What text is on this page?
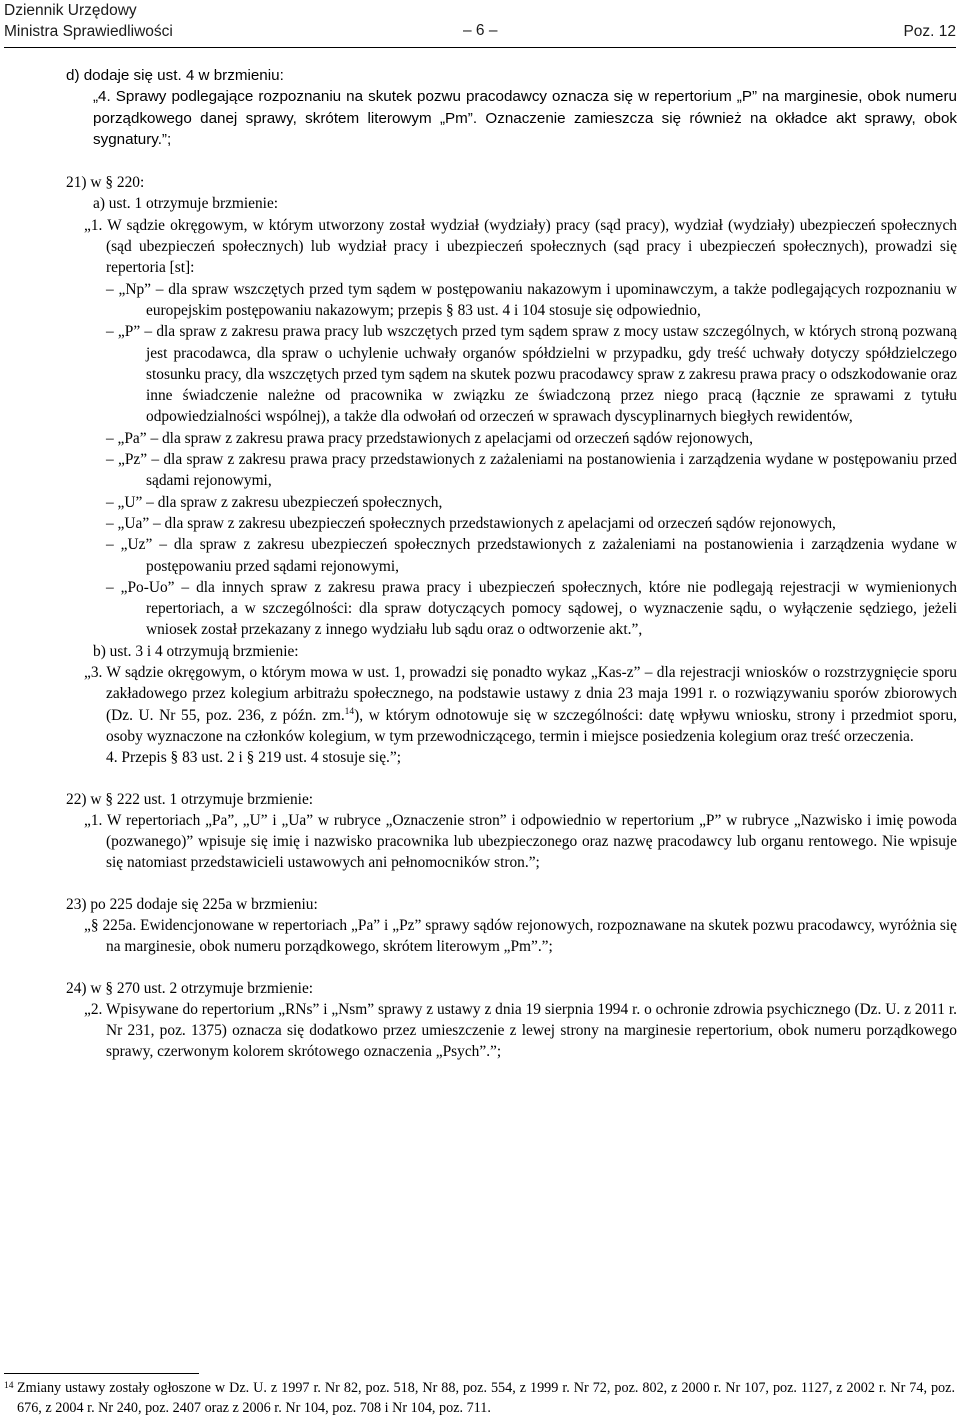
Dziennik Urzędowy
Ministra Sprawiedliwości	– 6 –	Poz. 12

d) dodaje się ust. 4 w brzmieniu:

„4. Sprawy podlegające rozpoznaniu na skutek pozwu pracodawcy oznacza się w repertorium „P” na marginesie, obok numeru porządkowego danej sprawy, skrótem literowym „Pm”. Oznaczenie zamieszcza się również na okładce akt sprawy, obok sygnatury.”;

21) w § 220:

a) ust. 1 otrzymuje brzmienie:

„1. W sądzie okręgowym, w którym utworzony został wydział (wydziały) pracy (sąd pracy), wydział (wydziały) ubezpieczeń społecznych (sąd ubezpieczeń społecznych) lub wydział pracy i ubezpieczeń społecznych (sąd pracy i ubezpieczeń społecznych), prowadzi się repertoria [st]:

– „Np” – dla spraw wszczętych przed tym sądem w postępowaniu nakazowym i upominawczym, a także podlegających rozpoznaniu w europejskim postępowaniu nakazowym; przepis § 83 ust. 4 i 104 stosuje się odpowiednio,

– „P” – dla spraw z zakresu prawa pracy lub wszczętych przed tym sądem spraw z mocy ustaw szczególnych, w których stroną pozwaną jest pracodawca, dla spraw o uchylenie uchwały organów spółdzielni w przypadku, gdy treść uchwały dotyczy spółdzielczego stosunku pracy, dla wszczętych przed tym sądem na skutek pozwu pracodawcy spraw z zakresu prawa pracy o odszkodowanie oraz inne świadczenie należne od pracownika w związku ze świadczoną przez niego pracą (łącznie ze sprawami z tytułu odpowiedzialności wspólnej), a także dla odwołań od orzeczeń w sprawach dyscyplinarnych biegłych rewidentów,

– „Pa” – dla spraw z zakresu prawa pracy przedstawionych z apelacjami od orzeczeń sądów rejonowych,

– „Pz” – dla spraw z zakresu prawa pracy przedstawionych z zażaleniami na postanowienia i zarządzenia wydane w postępowaniu przed sądami rejonowymi,

– „U” – dla spraw z zakresu ubezpieczeń społecznych,

– „Ua” – dla spraw z zakresu ubezpieczeń społecznych przedstawionych z apelacjami od orzeczeń sądów rejonowych,

– „Uz” – dla spraw z zakresu ubezpieczeń społecznych przedstawionych z zażaleniami na postanowienia i zarządzenia wydane w postępowaniu przed sądami rejonowymi,

– „Po-Uo” – dla innych spraw z zakresu prawa pracy i ubezpieczeń społecznych, które nie podlegają rejestracji w wymienionych repertoriach, a w szczególności: dla spraw dotyczących pomocy sądowej, o wyznaczenie sądu, o wyłączenie sędziego, jeżeli wniosek został przekazany z innego wydziału lub sądu oraz o odtworzenie akt.”,

b) ust. 3 i 4 otrzymują brzmienie:

„3. W sądzie okręgowym, o którym mowa w ust. 1, prowadzi się ponadto wykaz „Kas-z” – dla rejestracji wniosków o rozstrzygnięcie sporu zakładowego przez kolegium arbitrażu społecznego, na podstawie ustawy z dnia 23 maja 1991 r. o rozwiązywaniu sporów zbiorowych (Dz. U. Nr 55, poz. 236, z późn. zm.$^{14}$), w którym odnotowuje się w szczególności: datę wpływu wniosku, strony i przedmiot sporu, osoby wyznaczone na członków kolegium, w tym przewodniczącego, termin i miejsce posiedzenia kolegium oraz treść orzeczenia.

4. Przepis § 83 ust. 2 i § 219 ust. 4 stosuje się.”;

22) w § 222 ust. 1 otrzymuje brzmienie:

„1. W repertoriach „Pa”, „U” i „Ua” w rubryce „Oznaczenie stron” i odpowiednio w repertorium „P” w rubryce „Nazwisko i imię powoda (pozwanego)” wpisuje się imię i nazwisko pracownika lub ubezpieczonego oraz nazwę pracodawcy lub organu rentowego. Nie wpisuje się natomiast przedstawicieli ustawowych ani pełnomocników stron.”;

23) po 225 dodaje się 225a w brzmieniu:

„§ 225a. Ewidencjonowane w repertoriach „Pa” i „Pz” sprawy sądów rejonowych, rozpoznawane na skutek pozwu pracodawcy, wyróżnia się na marginesie, obok numeru porządkowego, skrótem literowym „Pm”.”;

24) w § 270 ust. 2 otrzymuje brzmienie:

„2. Wpisywane do repertorium „RNs” i „Nsm” sprawy z ustawy z dnia 19 sierpnia 1994 r. o ochronie zdrowia psychicznego (Dz. U. z 2011 r. Nr 231, poz. 1375) oznacza się dodatkowo przez umieszczenie z lewej strony na marginesie repertorium, obok numeru porządkowego sprawy, czerwonym kolorem skrótowego oznaczenia „Psych”.”;

14 Zmiany ustawy zostały ogłoszone w Dz. U. z 1997 r. Nr 82, poz. 518, Nr 88, poz. 554, z 1999 r. Nr 72, poz. 802, z 2000 r. Nr 107, poz. 1127, z 2002 r. Nr 74, poz. 676, z 2004 r. Nr 240, poz. 2407 oraz z 2006 r. Nr 104, poz. 708 i Nr 104, poz. 711.
